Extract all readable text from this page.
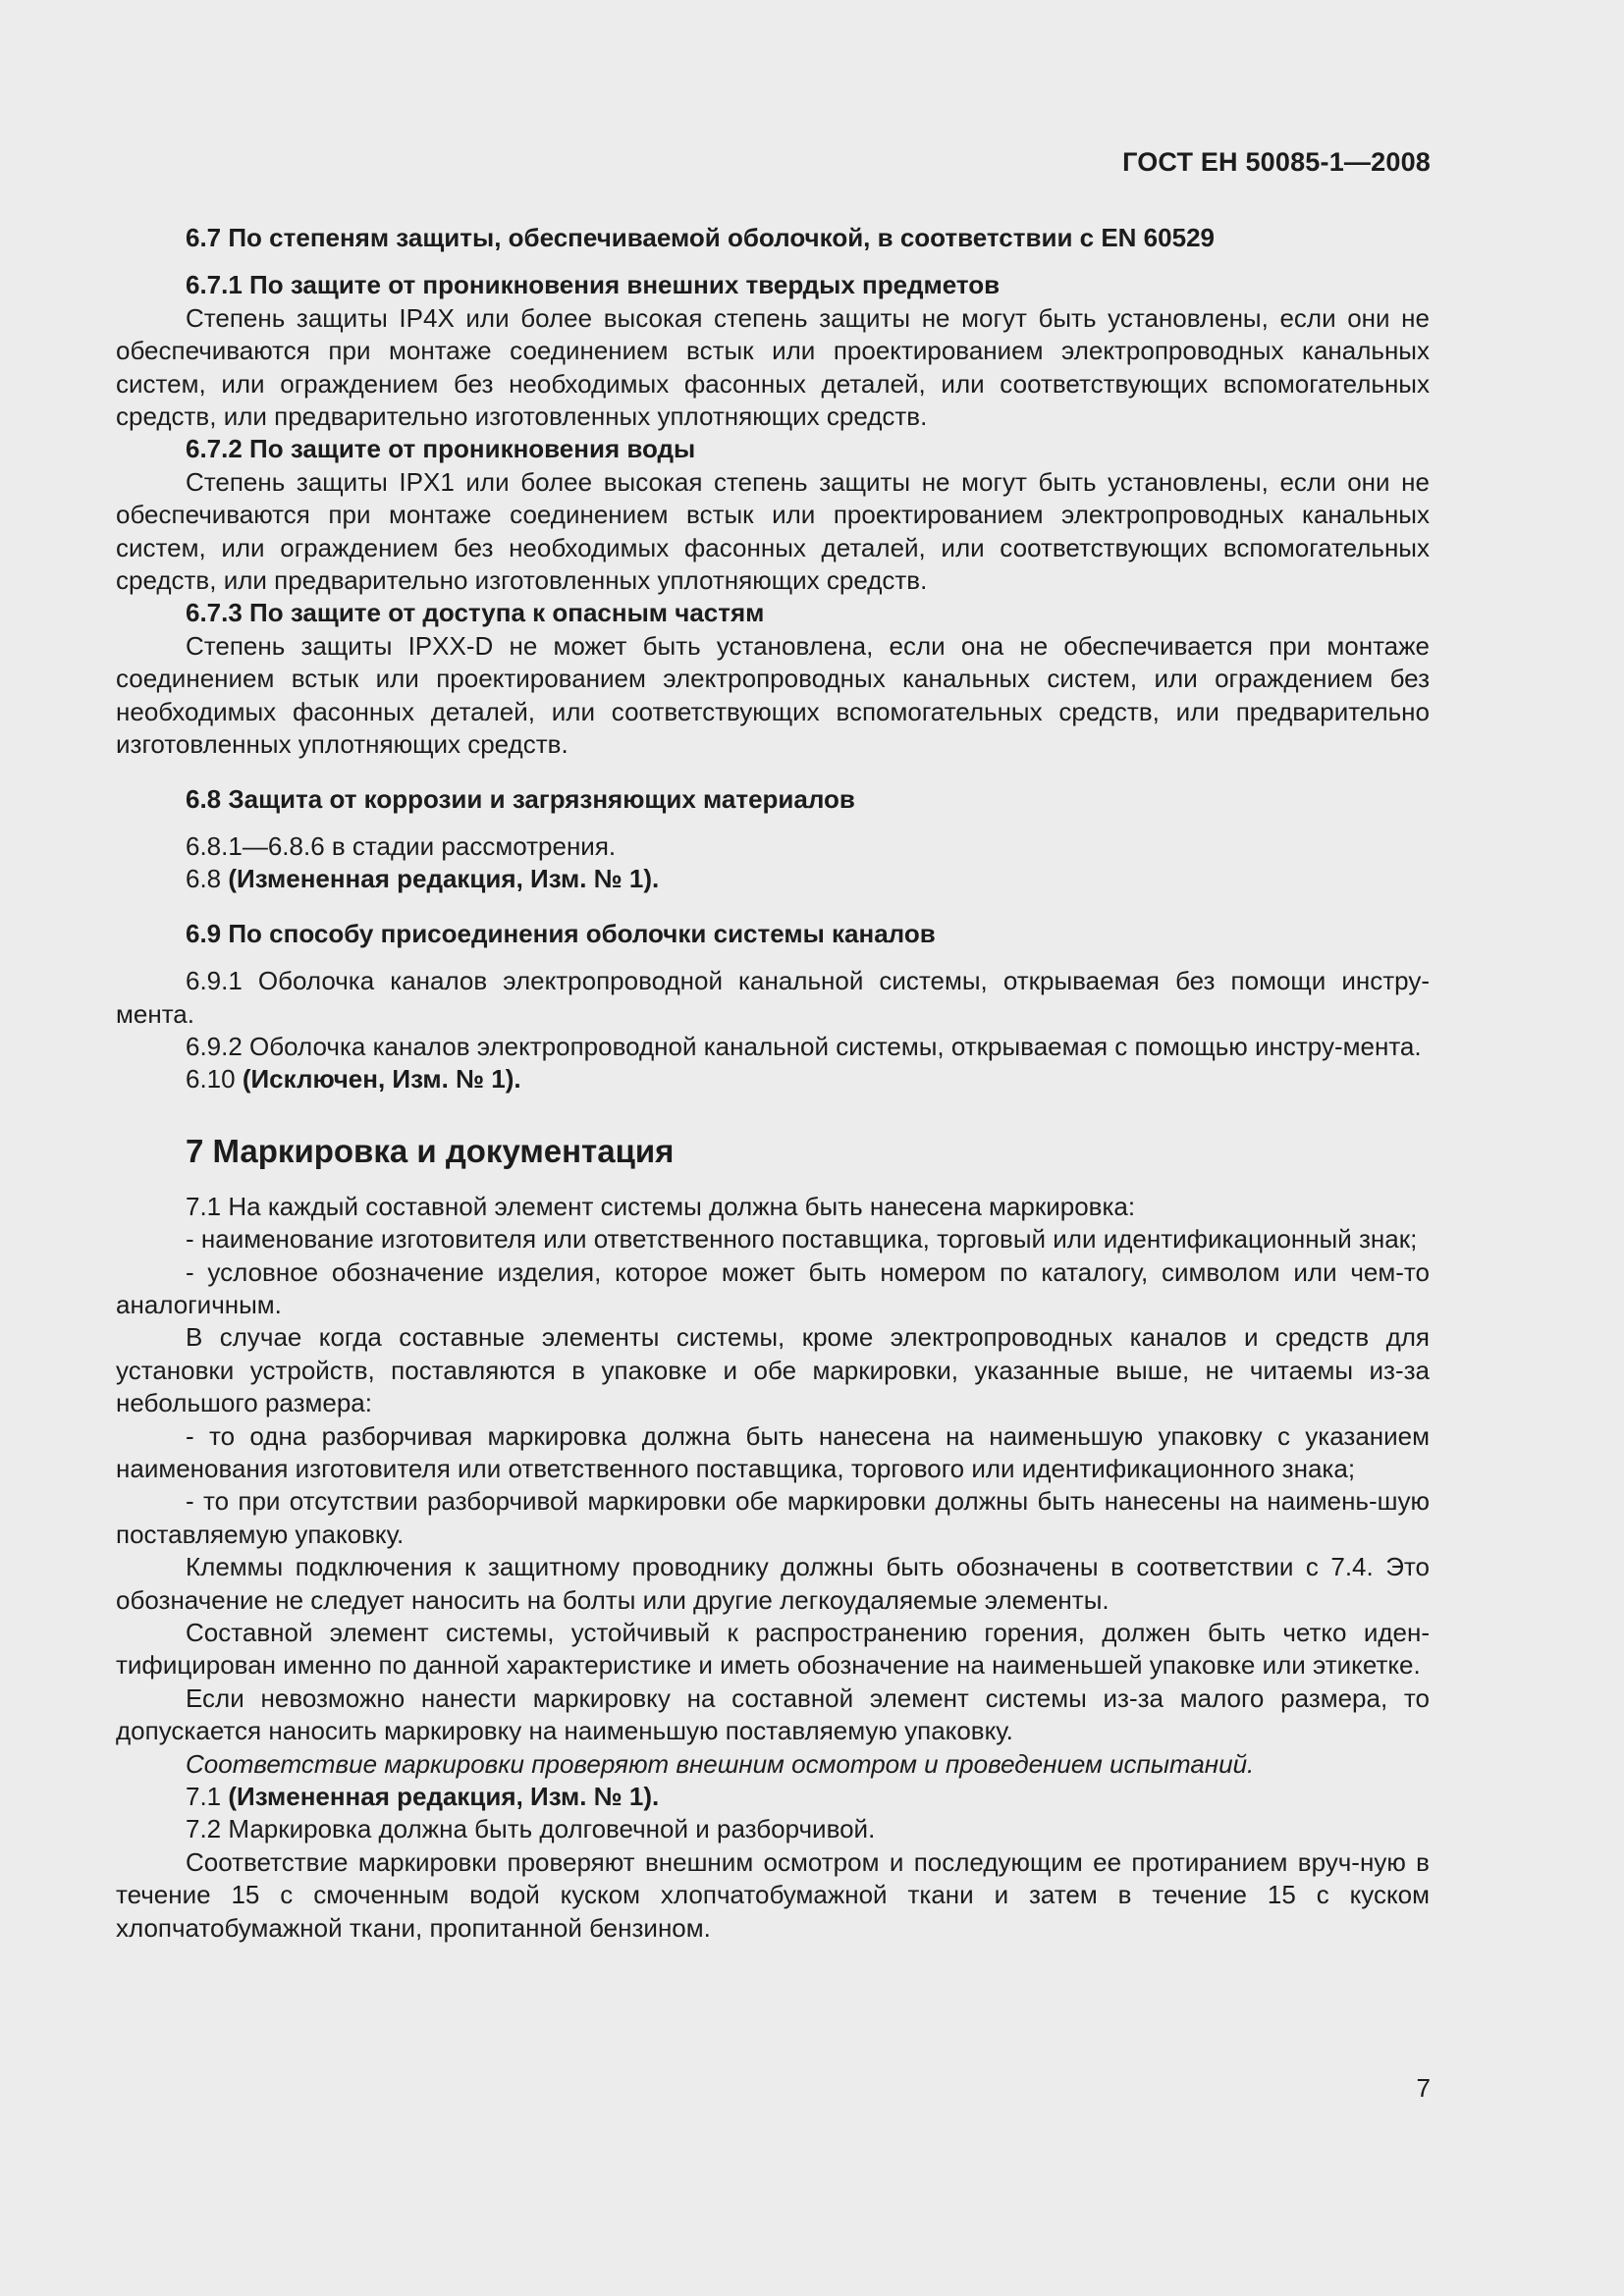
ГОСТ ЕН 50085-1—2008

6.7 По степеням защиты, обеспечиваемой оболочкой, в соответствии с EN 60529

6.7.1 По защите от проникновения внешних твердых предметов

Степень защиты IP4X или более высокая степень защиты не могут быть установлены, если они не обеспечиваются при монтаже соединением встык или проектированием электропроводных канальных систем, или ограждением без необходимых фасонных деталей, или соответствующих вспомогательных средств, или предварительно изготовленных уплотняющих средств.

6.7.2 По защите от проникновения воды

Степень защиты IPX1 или более высокая степень защиты не могут быть установлены, если они не обеспечиваются при монтаже соединением встык или проектированием электропроводных канальных систем, или ограждением без необходимых фасонных деталей, или соответствующих вспомогательных средств, или предварительно изготовленных уплотняющих средств.

6.7.3 По защите от доступа к опасным частям

Степень защиты IPXX-D не может быть установлена, если она не обеспечивается при монтаже соединением встык или проектированием электропроводных канальных систем, или ограждением без необходимых фасонных деталей, или соответствующих вспомогательных средств, или предварительно изготовленных уплотняющих средств.

6.8 Защита от коррозии и загрязняющих материалов

6.8.1—6.8.6 в стадии рассмотрения.

6.8 (Измененная редакция, Изм. № 1).

6.9 По способу присоединения оболочки системы каналов

6.9.1 Оболочка каналов электропроводной канальной системы, открываемая без помощи инстру-мента.

6.9.2 Оболочка каналов электропроводной канальной системы, открываемая с помощью инстру-мента.

6.10 (Исключен, Изм. № 1).

7 Маркировка и документация

7.1 На каждый составной элемент системы должна быть нанесена маркировка:

- наименование изготовителя или ответственного поставщика, торговый или идентификационный знак;

- условное обозначение изделия, которое может быть номером по каталогу, символом или чем-то аналогичным.

В случае когда составные элементы системы, кроме электропроводных каналов и средств для установки устройств, поставляются в упаковке и обе маркировки, указанные выше, не читаемы из-за небольшого размера:

- то одна разборчивая маркировка должна быть нанесена на наименьшую упаковку с указанием наименования изготовителя или ответственного поставщика, торгового или идентификационного знака;

- то при отсутствии разборчивой маркировки обе маркировки должны быть нанесены на наимень-шую поставляемую упаковку.

Клеммы подключения к защитному проводнику должны быть обозначены в соответствии с 7.4. Это обозначение не следует наносить на болты или другие легкоудаляемые элементы.

Составной элемент системы, устойчивый к распространению горения, должен быть четко иден-тифицирован именно по данной характеристике и иметь обозначение на наименьшей упаковке или этикетке.

Если невозможно нанести маркировку на составной элемент системы из-за малого размера, то допускается наносить маркировку на наименьшую поставляемую упаковку.

Соответствие маркировки проверяют внешним осмотром и проведением испытаний.

7.1 (Измененная редакция, Изм. № 1).

7.2 Маркировка должна быть долговечной и разборчивой.

Соответствие маркировки проверяют внешним осмотром и последующим ее протиранием вруч-ную в течение 15 с смоченным водой куском хлопчатобумажной ткани и затем в течение 15 с куском хлопчатобумажной ткани, пропитанной бензином.

7
